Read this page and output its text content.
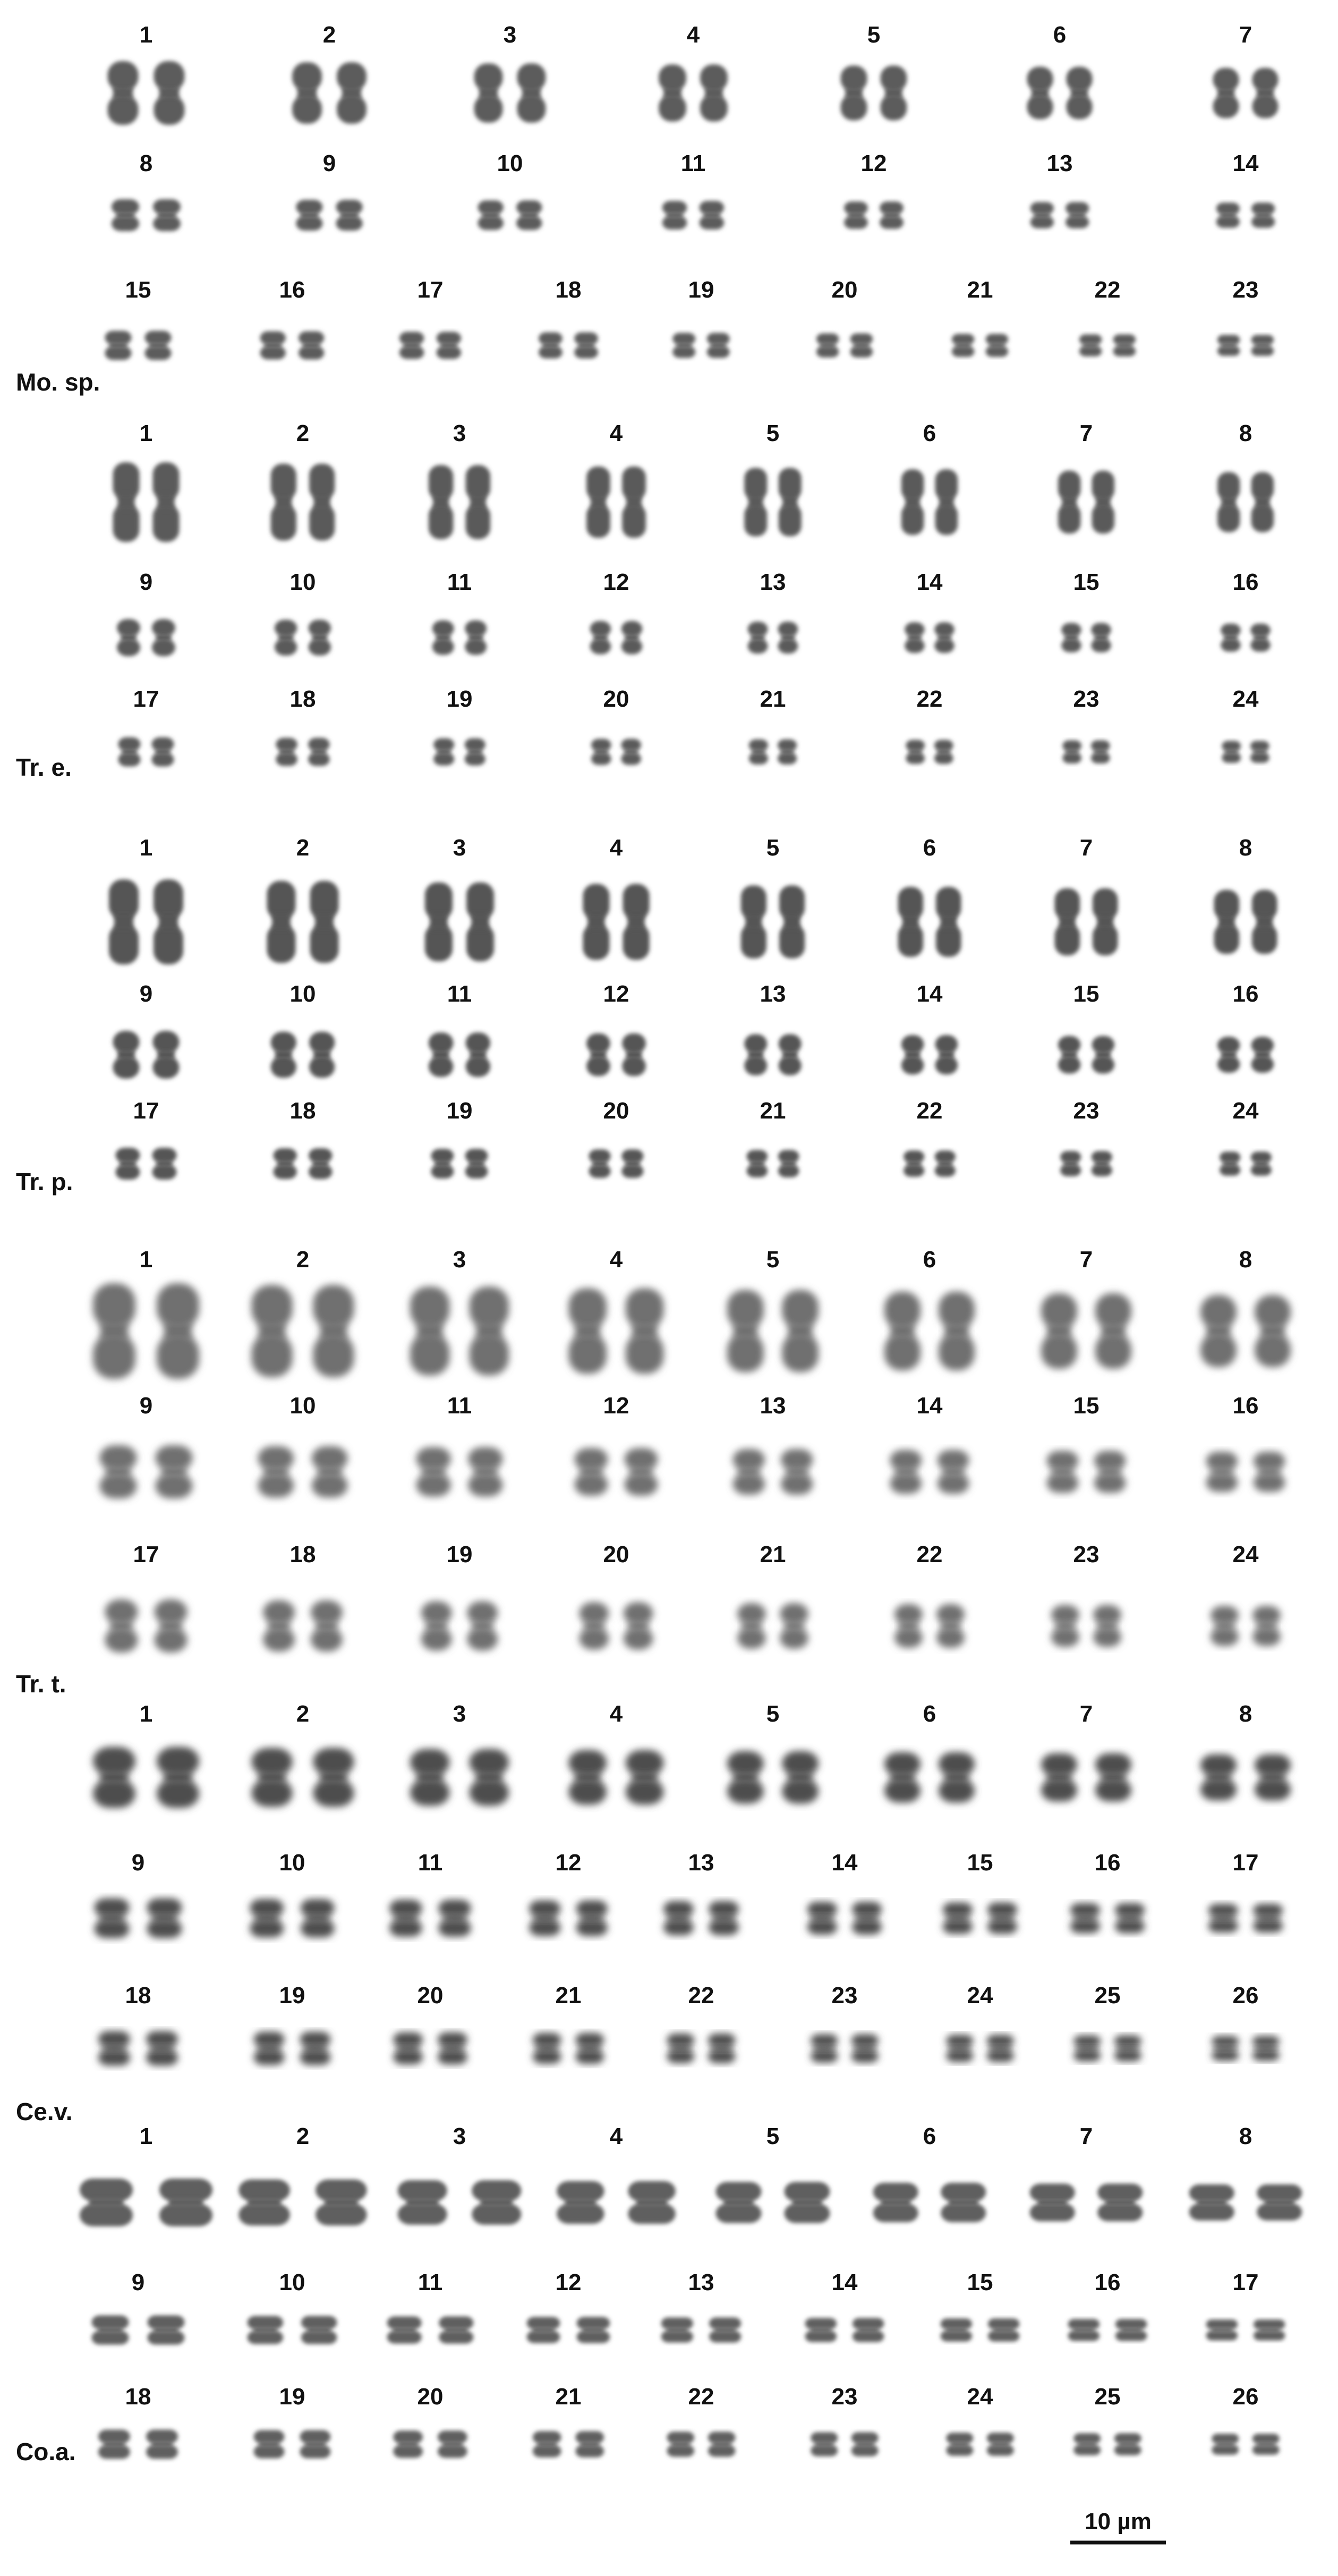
1	2	3	4	5	6	7
8	9	10	11	12	13	14
15	16	17	18	19	20	21	22	23
Mo. sp.
1	2	3	4	5	6	7	8
9	10	11	12	13	14	15	16
17	18	19	20	21	22	23	24
Tr. e.
1	2	3	4	5	6	7	8
9	10	11	12	13	14	15	16
17	18	19	20	21	22	23	24
Tr. p.
1	2	3	4	5	6	7	8
9	10	11	12	13	14	15	16
17	18	19	20	21	22	23	24
Tr. t.
1	2	3	4	5	6	7	8
9	10	11	12	13	14	15	16	17
18	19	20	21	22	23	24	25	26
Ce.v.
1	2	3	4	5	6	7	8
9	10	11	12	13	14	15	16	17
18	19	20	21	22	23	24	25	26
Co.a.
10 µm
